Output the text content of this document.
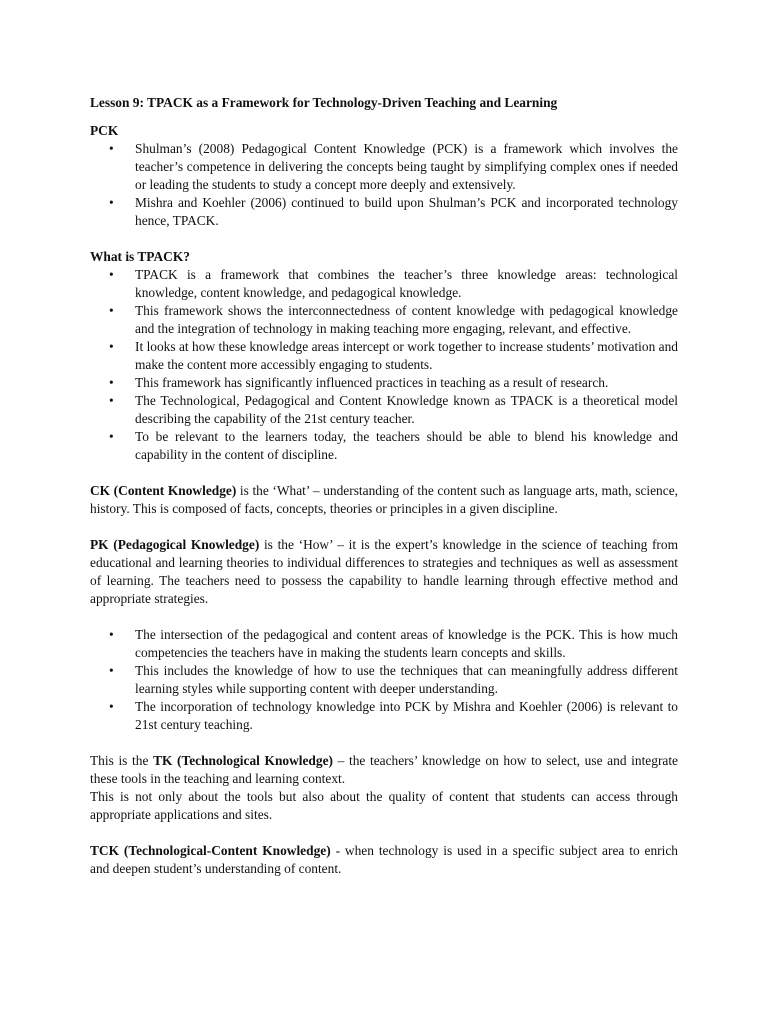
Lesson 9: TPACK as a Framework for Technology-Driven Teaching and Learning

PCK

• Shulman’s (2008) Pedagogical Content Knowledge (PCK) is a framework which involves the teacher’s competence in delivering the concepts being taught by simplifying complex ones if needed or leading the students to study a concept more deeply and extensively.
• Mishra and Koehler (2006) continued to build upon Shulman’s PCK and incorporated technology hence, TPACK.

What is TPACK?

• TPACK is a framework that combines the teacher’s three knowledge areas: technological knowledge, content knowledge, and pedagogical knowledge.
• This framework shows the interconnectedness of content knowledge with pedagogical knowledge and the integration of technology in making teaching more engaging, relevant, and effective.
• It looks at how these knowledge areas intercept or work together to increase students’ motivation and make the content more accessibly engaging to students.
• This framework has significantly influenced practices in teaching as a result of research.
• The Technological, Pedagogical and Content Knowledge known as TPACK is a theoretical model describing the capability of the 21st century teacher.
• To be relevant to the learners today, the teachers should be able to blend his knowledge and capability in the content of discipline.

CK (Content Knowledge) is the ‘What’ – understanding of the content such as language arts, math, science, history. This is composed of facts, concepts, theories or principles in a given discipline.

PK (Pedagogical Knowledge) is the ‘How’ – it is the expert’s knowledge in the science of teaching from educational and learning theories to individual differences to strategies and techniques as well as assessment of learning. The teachers need to possess the capability to handle learning through effective method and appropriate strategies.

• The intersection of the pedagogical and content areas of knowledge is the PCK. This is how much competencies the teachers have in making the students learn concepts and skills.
• This includes the knowledge of how to use the techniques that can meaningfully address different learning styles while supporting content with deeper understanding.
• The incorporation of technology knowledge into PCK by Mishra and Koehler (2006) is relevant to 21st century teaching.

This is the TK (Technological Knowledge) – the teachers’ knowledge on how to select, use and integrate these tools in the teaching and learning context.

This is not only about the tools but also about the quality of content that students can access through appropriate applications and sites.

TCK (Technological-Content Knowledge) - when technology is used in a specific subject area to enrich and deepen student’s understanding of content.
